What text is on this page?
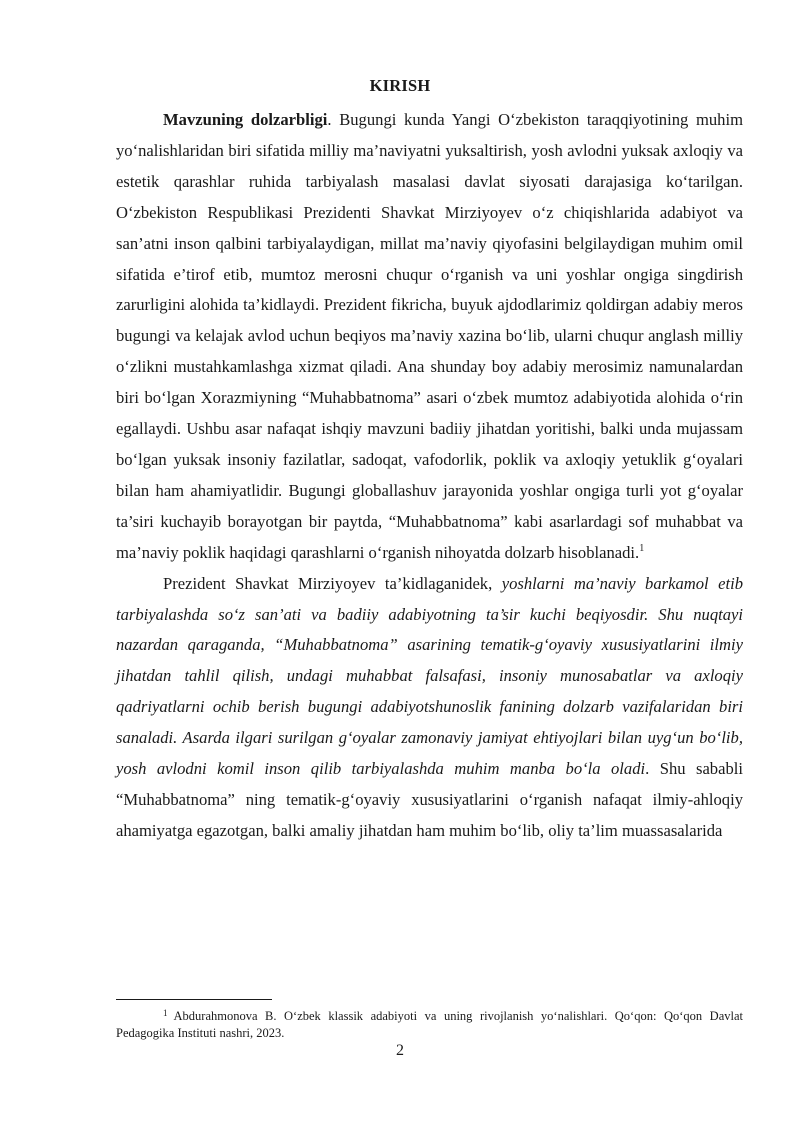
KIRISH

Mavzuning dolzarbligi. Bugungi kunda Yangi O‘zbekiston taraqqiyotining muhim yo‘nalishlaridan biri sifatida milliy ma’naviyatni yuksaltirish, yosh avlodni yuksak axloqiy va estetik qarashlar ruhida tarbiyalash masalasi davlat siyosati darajasiga ko‘tarilgan. O‘zbekiston Respublikasi Prezidenti Shavkat Mirziyoyev o‘z chiqishlarida adabiyot va san’atni inson qalbini tarbiyalaydigan, millat ma’naviy qiyofasini belgilaydigan muhim omil sifatida e’tirof etib, mumtoz merosni chuqur o‘rganish va uni yoshlar ongiga singdirish zarurligini alohida ta’kidlaydi. Prezident fikricha, buyuk ajdodlarimiz qoldirgan adabiy meros bugungi va kelajak avlod uchun beqiyos ma’naviy xazina bo‘lib, ularni chuqur anglash milliy o‘zlikni mustahkamlashga xizmat qiladi. Ana shunday boy adabiy merosimiz namunalardan biri bo‘lgan Xorazmiyning “Muhabbatnoma” asari o‘zbek mumtoz adabiyotida alohida o‘rin egallaydi. Ushbu asar nafaqat ishqiy mavzuni badiiy jihatdan yoritishi, balki unda mujassam bo‘lgan yuksak insoniy fazilatlar, sadoqat, vafodorlik, poklik va axloqiy yetuklik g‘oyalari bilan ham ahamiyatlidir. Bugungi globallashuv jarayonida yoshlar ongiga turli yot g‘oyalar ta’siri kuchayib borayotgan bir paytda, “Muhabbatnoma” kabi asarlardagi sof muhabbat va ma’naviy poklik haqidagi qarashlarni o‘rganish nihoyatda dolzarb hisoblanadi.$^1$

Prezident Shavkat Mirziyoyev ta’kidlaganidek, yoshlarni ma’naviy barkamol etib tarbiyalashda so‘z san’ati va badiiy adabiyotning ta’sir kuchi beqiyosdir. Shu nuqtayi nazardan qaraganda, “Muhabbatnoma” asarining tematik-g‘oyaviy xususiyatlarini ilmiy jihatdan tahlil qilish, undagi muhabbat falsafasi, insoniy munosabatlar va axloqiy qadriyatlarni ochib berish bugungi adabiyotshunoslik fanining dolzarb vazifalaridan biri sanaladi. Asarda ilgari surilgan g‘oyalar zamonaviy jamiyat ehtiyojlari bilan uyg‘un bo‘lib, yosh avlodni komil inson qilib tarbiyalashda muhim manba bo‘la oladi. Shu sababli “Muhabbatnoma” ning tematik-g‘oyaviy xususiyatlarini o‘rganish nafaqat ilmiy-ahloqiy ahamiyatga egazotgan, balki amaliy jihatdan ham muhim bo‘lib, oliy ta’lim muassasalarida

1 Abdurahmonova B. O‘zbek klassik adabiyoti va uning rivojlanish yo‘nalishlari. Qo‘qon: Qo‘qon Davlat Pedagogika Instituti nashri, 2023.
2
